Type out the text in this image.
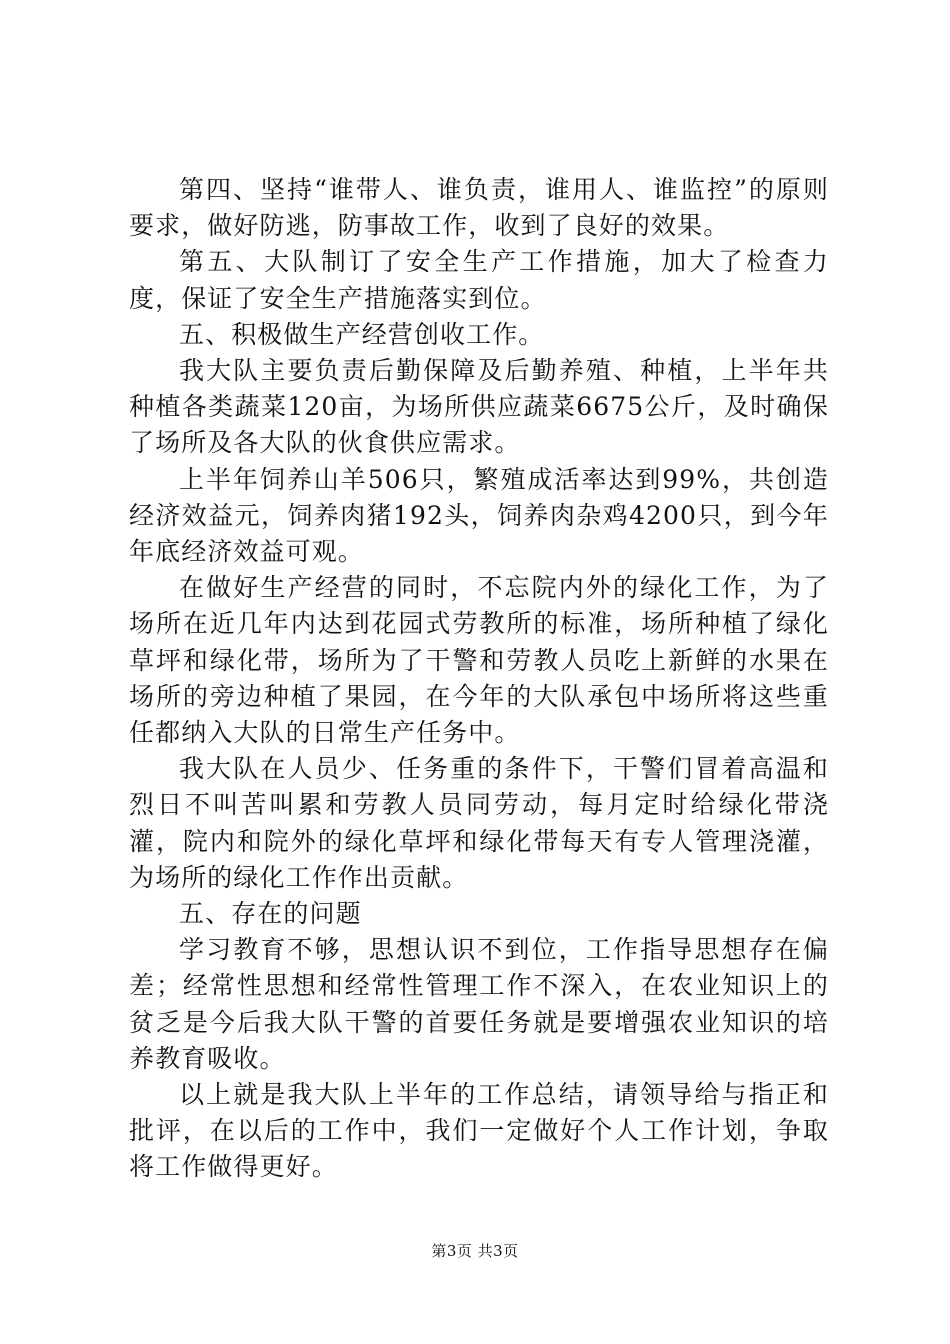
第四、坚持“谁带人、谁负责，谁用人、谁监控”的原则要求，做好防逃，防事故工作，收到了良好的效果。

第五、大队制订了安全生产工作措施，加大了检查力度，保证了安全生产措施落实到位。

五、积极做生产经营创收工作。

我大队主要负责后勤保障及后勤养殖、种植，上半年共种植各类蔬菜120亩，为场所供应蔬菜6675公斤，及时确保了场所及各大队的伙食供应需求。

上半年饲养山羊506只，繁殖成活率达到99%，共创造经济效益元，饲养肉猪192头，饲养肉杂鸡4200只，到今年年底经济效益可观。

在做好生产经营的同时，不忘院内外的绿化工作，为了场所在近几年内达到花园式劳教所的标准，场所种植了绿化草坪和绿化带，场所为了干警和劳教人员吃上新鲜的水果在场所的旁边种植了果园，在今年的大队承包中场所将这些重任都纳入大队的日常生产任务中。

我大队在人员少、任务重的条件下，干警们冒着高温和烈日不叫苦叫累和劳教人员同劳动，每月定时给绿化带浇灌，院内和院外的绿化草坪和绿化带每天有专人管理浇灌，为场所的绿化工作作出贡献。

五、存在的问题

学习教育不够，思想认识不到位，工作指导思想存在偏差；经常性思想和经常性管理工作不深入，在农业知识上的贫乏是今后我大队干警的首要任务就是要增强农业知识的培养教育吸收。

以上就是我大队上半年的工作总结，请领导给与指正和批评，在以后的工作中，我们一定做好个人工作计划，争取将工作做得更好。

第3页 共3页
